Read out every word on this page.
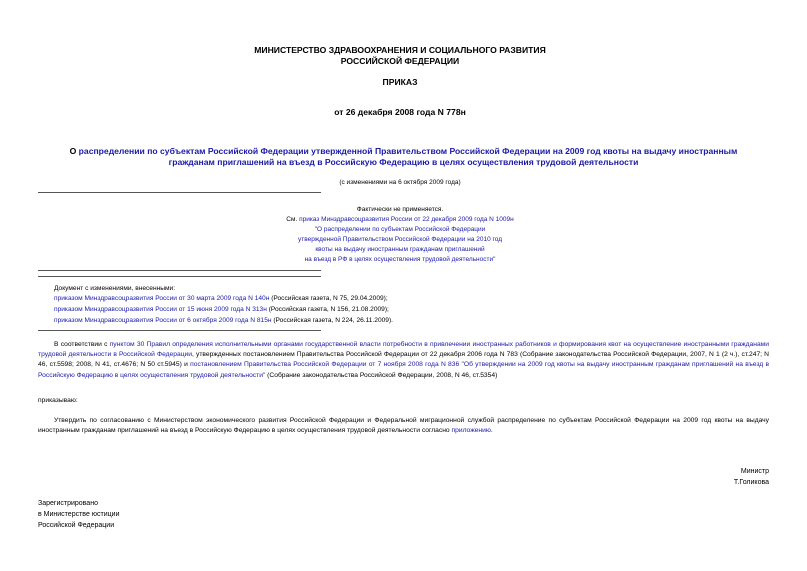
МИНИСТЕРСТВО ЗДРАВООХРАНЕНИЯ И СОЦИАЛЬНОГО РАЗВИТИЯ
РОССИЙСКОЙ ФЕДЕРАЦИИ
ПРИКАЗ
от 26 декабря 2008 года N 778н
О распределении по субъектам Российской Федерации утвержденной Правительством Российской Федерации на 2009 год квоты на выдачу иностранным
гражданам приглашений на въезд в Российскую Федерацию в целях осуществления трудовой деятельности
(с изменениями на 6 октября 2009 года)
Фактически не применяется.
См. приказ Минздравсоцразвития России от 22 декабря 2009 года N 1009н
"О распределении по субъектам Российской Федерации
утвержденной Правительством Российской Федерации на 2010 год
квоты на выдачу иностранным гражданам приглашений
на въезд в РФ в целях осуществления трудовой деятельности"
Документ с изменениями, внесенными:
приказом Минздравсоцразвития России от 30 марта 2009 года N 140н (Российская газета, N 75, 29.04.2009);
приказом Минздравсоцразвития России от 15 июня 2009 года N 313н (Российская газета, N 156, 21.08.2009);
приказом Минздравсоцразвития России от 6 октября 2009 года N 815н (Российская газета, N 224, 26.11.2009).
В соответствии с пунктом 30 Правил определения исполнительными органами государственной власти потребности в привлечении иностранных работников и формирования квот на осуществление иностранными гражданами трудовой деятельности в Российской Федерации, утвержденных постановлением Правительства Российской Федерации от 22 декабря 2006 года N 783 (Собрание законодательства Российской Федерации, 2007, N 1 (2 ч.), ст.247; N 46, ст.5598; 2008, N 41, ст.4676; N 50 ст.5945) и постановлением Правительства Российской Федерации от 7 ноября 2008 года N 836 "Об утверждении на 2009 год квоты на выдачу иностранным гражданам приглашений на въезд в Российскую Федерацию в целях осуществления трудовой деятельности" (Собрание законодательства Российской Федерации, 2008, N 46, ст.5354)
приказываю:
Утвердить по согласованию с Министерством экономического развития Российской Федерации и Федеральной миграционной службой распределение по субъектам Российской Федерации на 2009 год квоты на выдачу иностранным гражданам приглашений на въезд в Российскую Федерацию в целях осуществления трудовой деятельности согласно приложению.
Министр
Т.Голикова
Зарегистрировано
в Министерстве юстиции
Российской Федерации
